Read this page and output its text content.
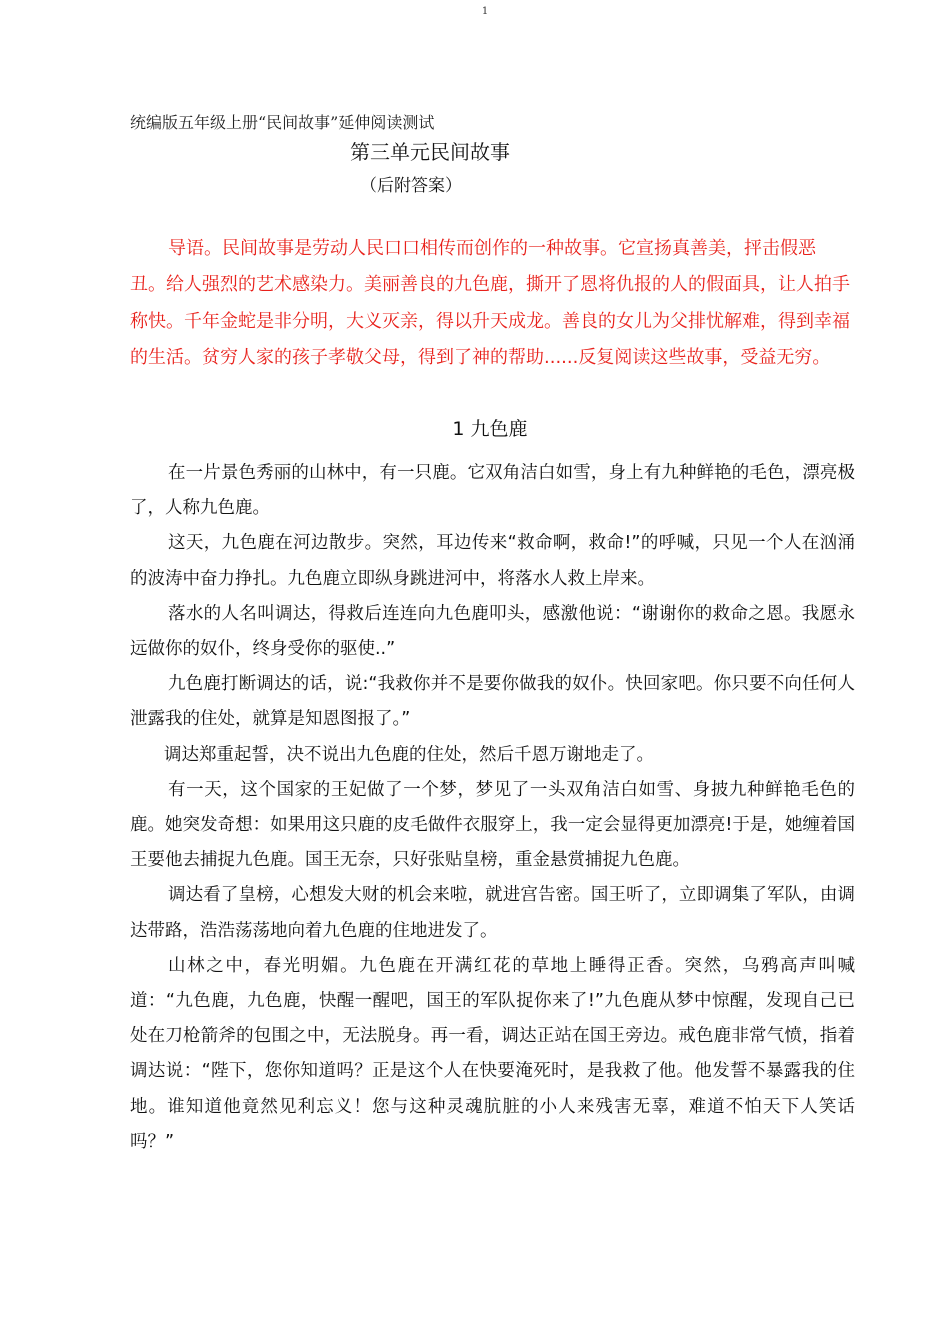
1
统编版五年级上册“民间故事”延伸阅读测试
第三单元民间故事
（后附答案）

导语。民间故事是劳动人民口口相传而创作的一种故事。它宣扬真善美，抨击假恶丑。给人强烈的艺术感染力。美丽善良的九色鹿，撕开了恩将仇报的人的假面具，让人拍手称快。千年金蛇是非分明，大义灭亲，得以升天成龙。善良的女儿为父排忧解难，得到幸福的生活。贫穷人家的孩子孝敬父母，得到了神的帮助......反复阅读这些故事，受益无穷。

1 九色鹿

在一片景色秀丽的山林中，有一只鹿。它双角洁白如雪，身上有九种鲜艳的毛色，漂亮极了，人称九色鹿。

这天，九色鹿在河边散步。突然，耳边传来“救命啊，救命!”的呼喊，只见一个人在汹涌的波涛中奋力挣扎。九色鹿立即纵身跳进河中，将落水人救上岸来。

落水的人名叫调达，得救后连连向九色鹿叩头，感激他说：“谢谢你的救命之恩。我愿永远做你的奴仆，终身受你的驱使..”

九色鹿打断调达的话，说:“我救你并不是要你做我的奴仆。快回家吧。你只要不向任何人泄露我的住处，就算是知恩图报了。”

调达郑重起誓，决不说出九色鹿的住处，然后千恩万谢地走了。

有一天，这个国家的王妃做了一个梦，梦见了一头双角洁白如雪、身披九种鲜艳毛色的鹿。她突发奇想：如果用这只鹿的皮毛做件衣服穿上，我一定会显得更加漂亮!于是，她缠着国王要他去捕捉九色鹿。国王无奈，只好张贴皇榜，重金悬赏捕捉九色鹿。

调达看了皇榜，心想发大财的机会来啦，就进宫告密。国王听了，立即调集了军队，由调达带路，浩浩荡荡地向着九色鹿的住地进发了。

山林之中，春光明媚。九色鹿在开满红花的草地上睡得正香。突然，乌鸦高声叫喊道：“九色鹿，九色鹿，快醒一醒吧，国王的军队捉你来了!”九色鹿从梦中惊醒，发现自己已处在刀枪箭斧的包围之中，无法脱身。再一看，调达正站在国王旁边。戒色鹿非常气愤，指着调达说：“陛下，您你知道吗？正是这个人在快要淹死时，是我救了他。他发誓不暴露我的住地。谁知道他竟然见利忘义！您与这种灵魂肮脏的小人来残害无辜，难道不怕天下人笑话吗？”
